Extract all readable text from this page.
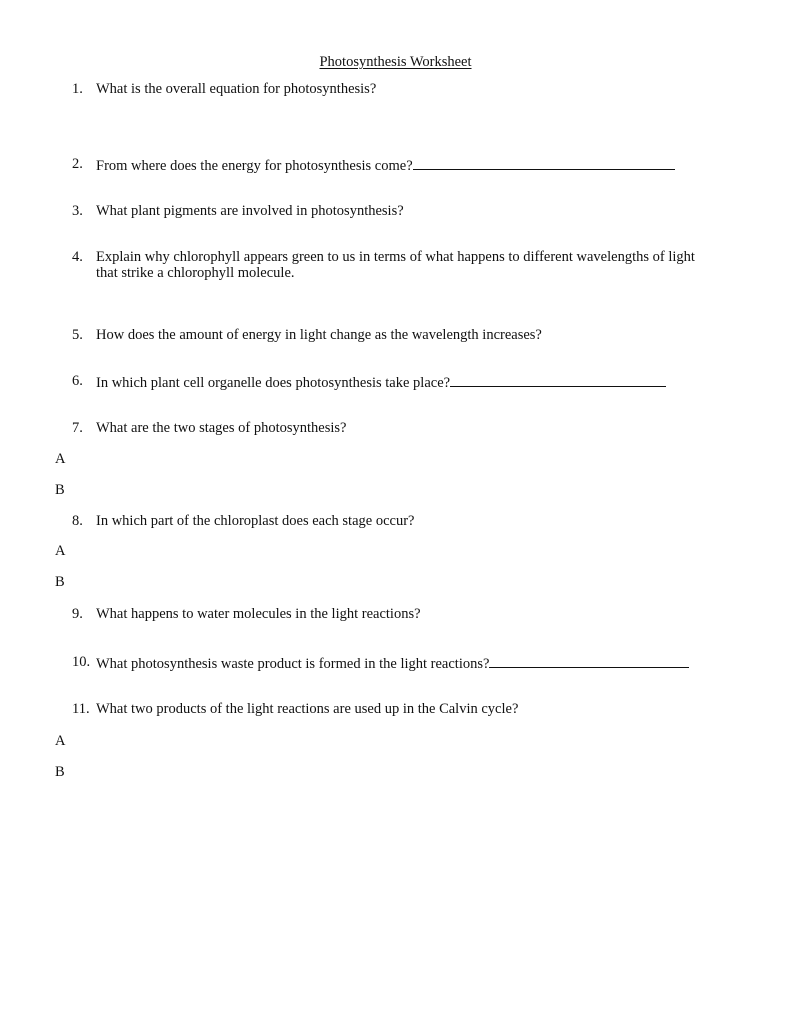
Photosynthesis Worksheet
1. What is the overall equation for photosynthesis?
2. From where does the energy for photosynthesis come?
3. What plant pigments are involved in photosynthesis?
4. Explain why chlorophyll appears green to us in terms of what happens to different wavelengths of light that strike a chlorophyll molecule.
5. How does the amount of energy in light change as the wavelength increases?
6. In which plant cell organelle does photosynthesis take place?
7. What are the two stages of photosynthesis?
A
B
8. In which part of the chloroplast does each stage occur?
A
B
9. What happens to water molecules in the light reactions?
10. What photosynthesis waste product is formed in the light reactions?
11. What two products of the light reactions are used up in the Calvin cycle?
A
B
